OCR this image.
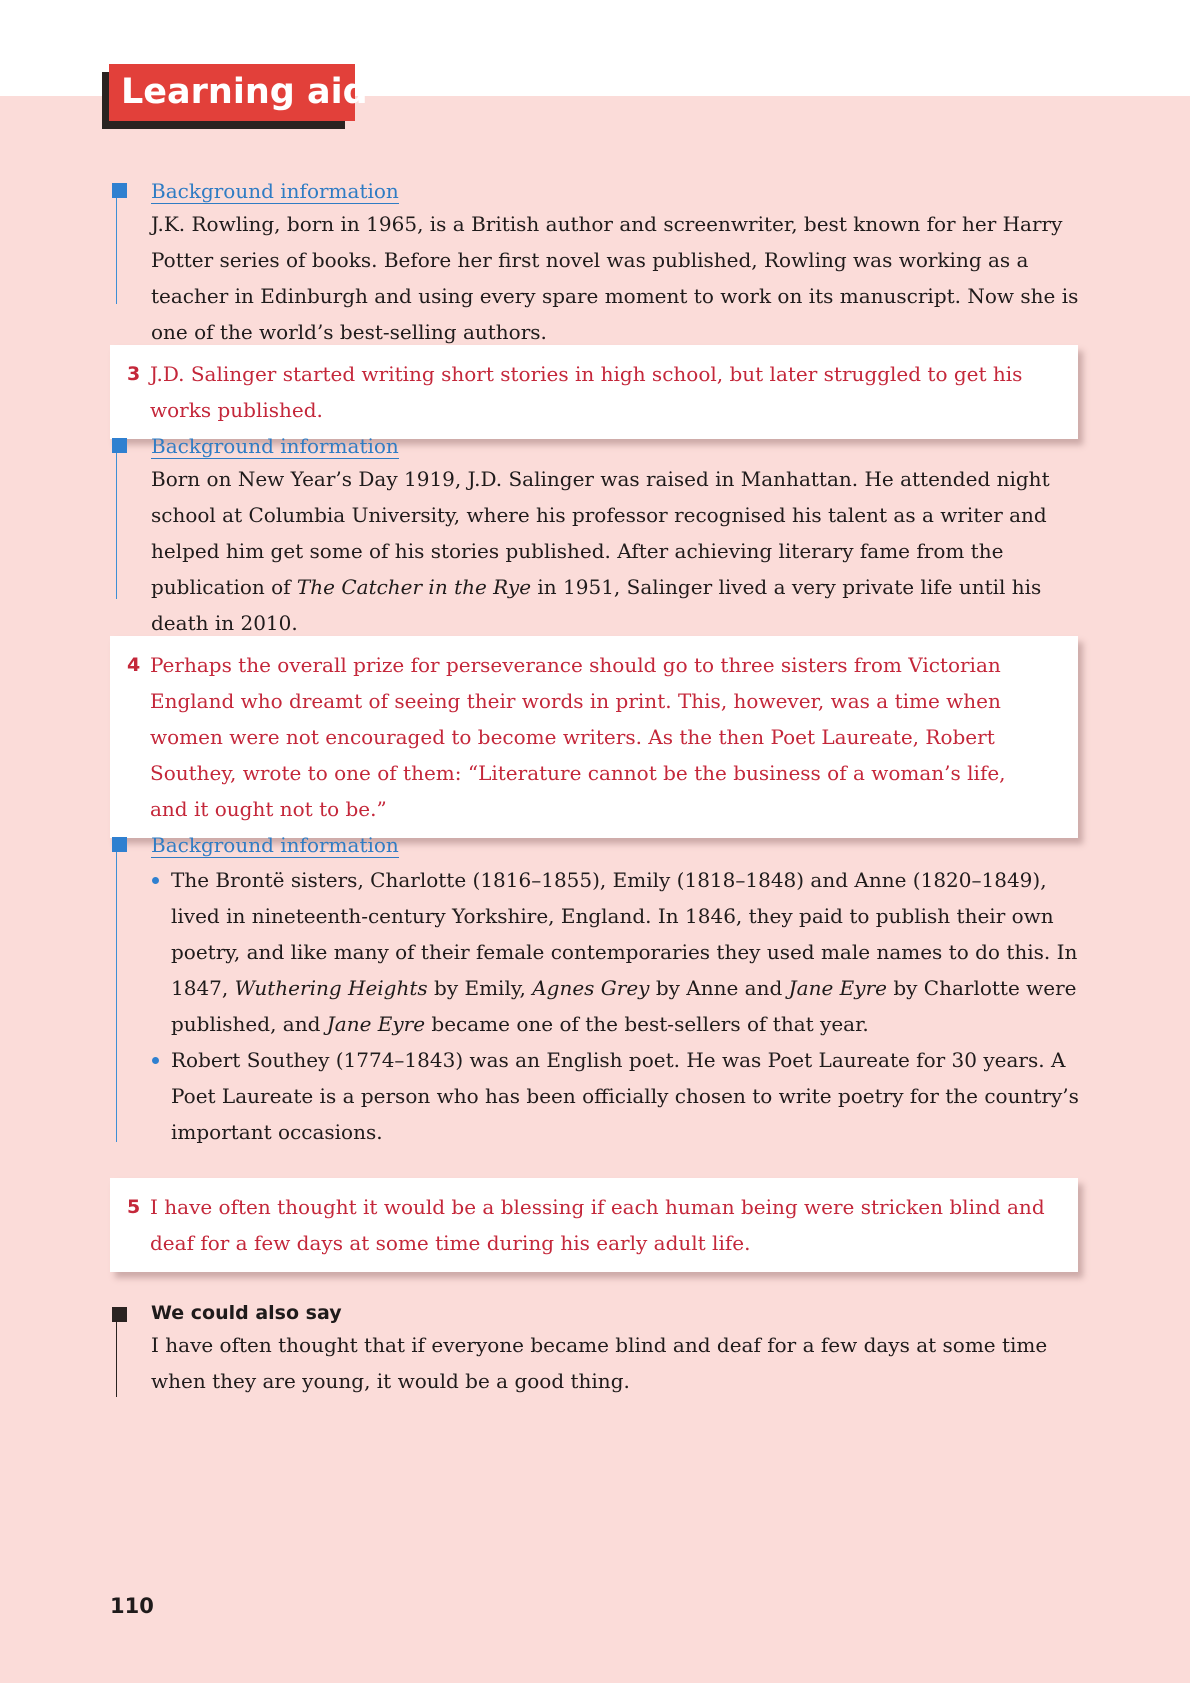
Learning aid
Background information
J.K. Rowling, born in 1965, is a British author and screenwriter, best known for her Harry Potter series of books. Before her first novel was published, Rowling was working as a teacher in Edinburgh and using every spare moment to work on its manuscript. Now she is one of the world’s best-selling authors.
3 J.D. Salinger started writing short stories in high school, but later struggled to get his works published.
Background information
Born on New Year’s Day 1919, J.D. Salinger was raised in Manhattan. He attended night school at Columbia University, where his professor recognised his talent as a writer and helped him get some of his stories published. After achieving literary fame from the publication of The Catcher in the Rye in 1951, Salinger lived a very private life until his death in 2010.
4 Perhaps the overall prize for perseverance should go to three sisters from Victorian England who dreamt of seeing their words in print. This, however, was a time when women were not encouraged to become writers. As the then Poet Laureate, Robert Southey, wrote to one of them: “Literature cannot be the business of a woman’s life, and it ought not to be.”
Background information
The Brontë sisters, Charlotte (1816–1855), Emily (1818–1848) and Anne (1820–1849), lived in nineteenth-century Yorkshire, England. In 1846, they paid to publish their own poetry, and like many of their female contemporaries they used male names to do this. In 1847, Wuthering Heights by Emily, Agnes Grey by Anne and Jane Eyre by Charlotte were published, and Jane Eyre became one of the best-sellers of that year.
Robert Southey (1774–1843) was an English poet. He was Poet Laureate for 30 years. A Poet Laureate is a person who has been officially chosen to write poetry for the country’s important occasions.
5 I have often thought it would be a blessing if each human being were stricken blind and deaf for a few days at some time during his early adult life.
We could also say
I have often thought that if everyone became blind and deaf for a few days at some time when they are young, it would be a good thing.
110
